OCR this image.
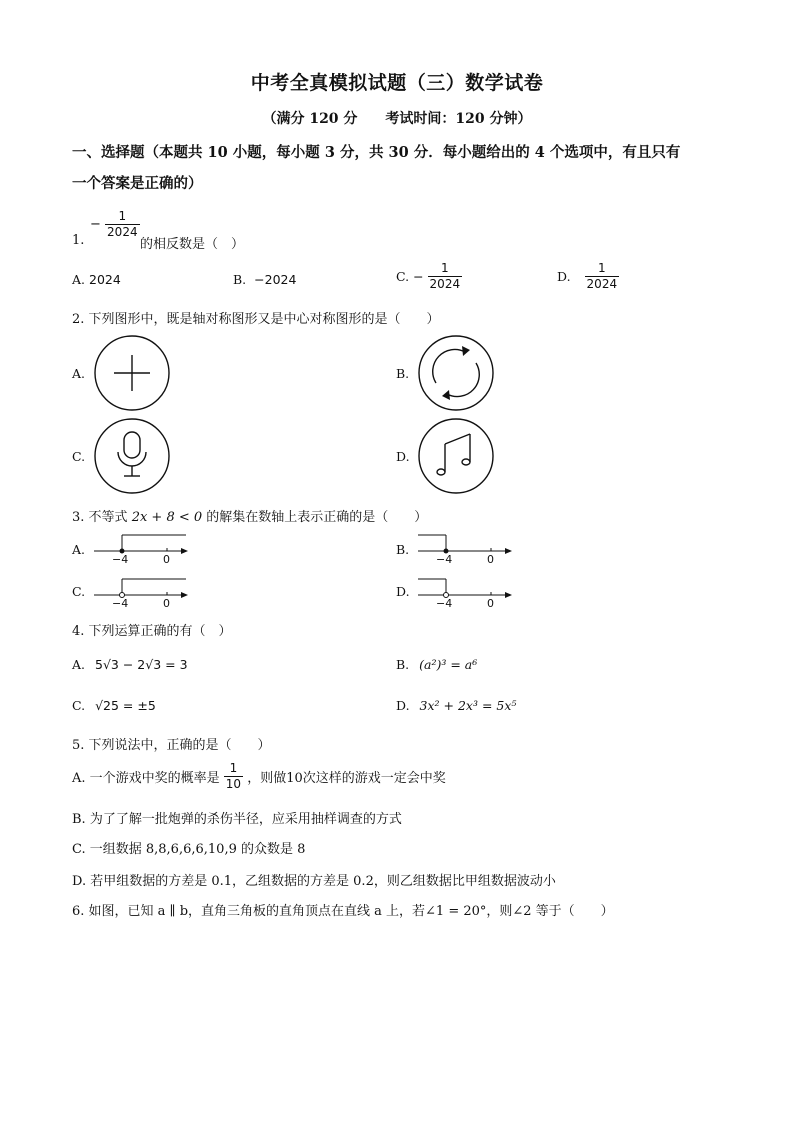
中考全真模拟试题（三）数学试卷
（满分 120 分　　考试时间：120 分钟）
一、选择题（本题共 10 小题，每小题 3 分，共 30 分．每小题给出的 4 个选项中，有且只有
一个答案是正确的）
1.
− $\frac{1}{2024}$
的相反数是（　）
A. 2024	B. −2024	C. − $\frac{1}{2024}$	D. $\frac{1}{2024}$
2. 下列图形中，既是轴对称图形又是中心对称图形的是（　　）
A.	B.
C.	D.
3. 不等式 2x + 8 < 0 的解集在数轴上表示正确的是（　　）
A.
−4	0
B.
−4	0
C.
−4	0
D.
−4	0
4. 下列运算正确的有（　）
A. 5√3 − 2√3 = 3	B. (a²)³ = a⁶
C. √25 = ±5	D. 3x² + 2x³ = 5x⁵
5. 下列说法中，正确的是（　　）
A. 一个游戏中奖的概率是 $\frac{1}{10}$ ，则做10次这样的游戏一定会中奖
B. 为了了解一批炮弹的杀伤半径，应采用抽样调查的方式
C. 一组数据 8,8,6,6,6,10,9 的众数是 8
D. 若甲组数据的方差是 0.1，乙组数据的方差是 0.2，则乙组数据比甲组数据波动小
6. 如图，已知 a ∥ b，直角三角板的直角顶点在直线 a 上，若∠1 = 20°，则∠2 等于（　　）
